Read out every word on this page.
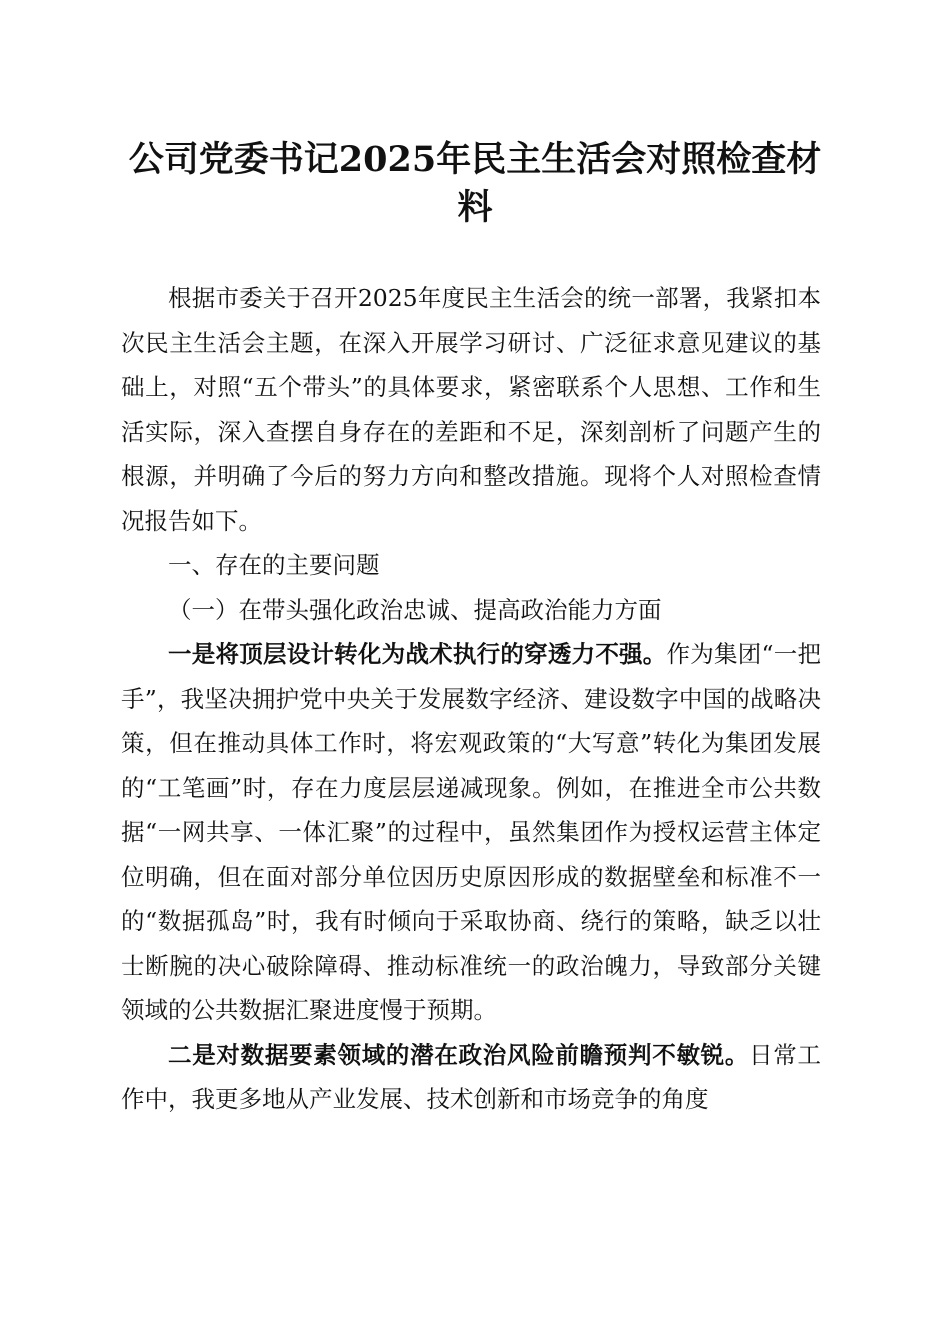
公司党委书记2025年民主生活会对照检查材料

根据市委关于召开2025年度民主生活会的统一部署，我紧扣本次民主生活会主题，在深入开展学习研讨、广泛征求意见建议的基础上，对照“五个带头”的具体要求，紧密联系个人思想、工作和生活实际，深入查摆自身存在的差距和不足，深刻剖析了问题产生的根源，并明确了今后的努力方向和整改措施。现将个人对照检查情况报告如下。

一、存在的主要问题

（一）在带头强化政治忠诚、提高政治能力方面

一是将顶层设计转化为战术执行的穿透力不强。作为集团“一把手”，我坚决拥护党中央关于发展数字经济、建设数字中国的战略决策，但在推动具体工作时，将宏观政策的“大写意”转化为集团发展的“工笔画”时，存在力度层层递减现象。例如，在推进全市公共数据“一网共享、一体汇聚”的过程中，虽然集团作为授权运营主体定位明确，但在面对部分单位因历史原因形成的数据壁垒和标准不一的“数据孤岛”时，我有时倾向于采取协商、绕行的策略，缺乏以壮士断腕的决心破除障碍、推动标准统一的政治魄力，导致部分关键领域的公共数据汇聚进度慢于预期。

二是对数据要素领域的潜在政治风险前瞻预判不敏锐。日常工作中，我更多地从产业发展、技术创新和市场竞争的角度
